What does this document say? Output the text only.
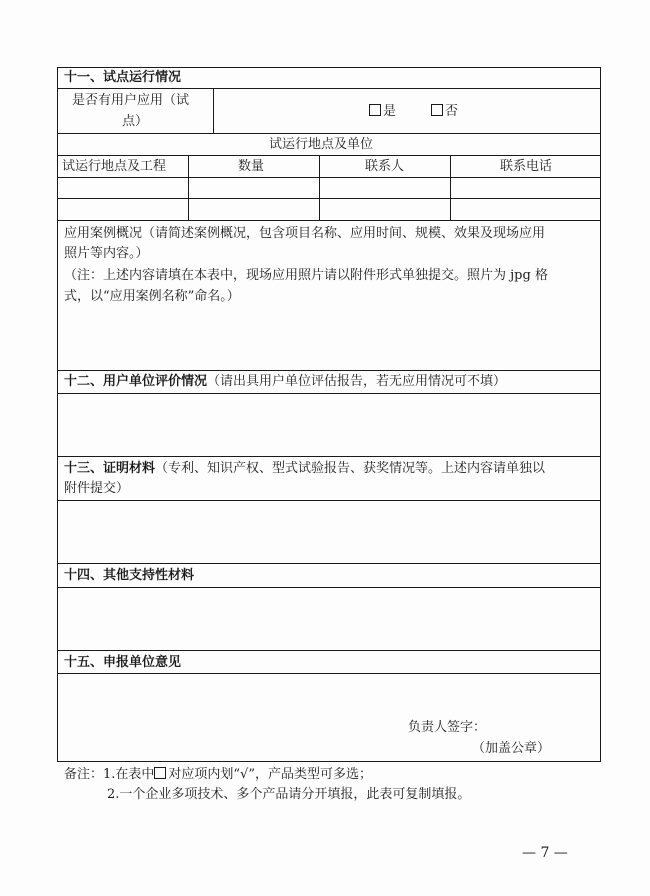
十一、试点运行情况
是否有用户应用（试
点）
是	否
试运行地点及单位
试运行地点及工程	数量	联系人	联系电话
应用案例概况（请简述案例概况，包含项目名称、应用时间、规模、效果及现场应用
照片等内容。）
（注：上述内容请填在本表中，现场应用照片请以附件形式单独提交。照片为 jpg 格
式，以“应用案例名称”命名。）
十二、用户单位评价情况（请出具用户单位评估报告，若无应用情况可不填）
十三、证明材料（专利、知识产权、型式试验报告、获奖情况等。上述内容请单独以
附件提交）
十四、其他支持性材料
十五、申报单位意见
负责人签字：
（加盖公章）
备注：1.在表中 对应项内划“√”，产品类型可多选；
2.一个企业多项技术、多个产品请分开填报，此表可复制填报。
— 7 —
